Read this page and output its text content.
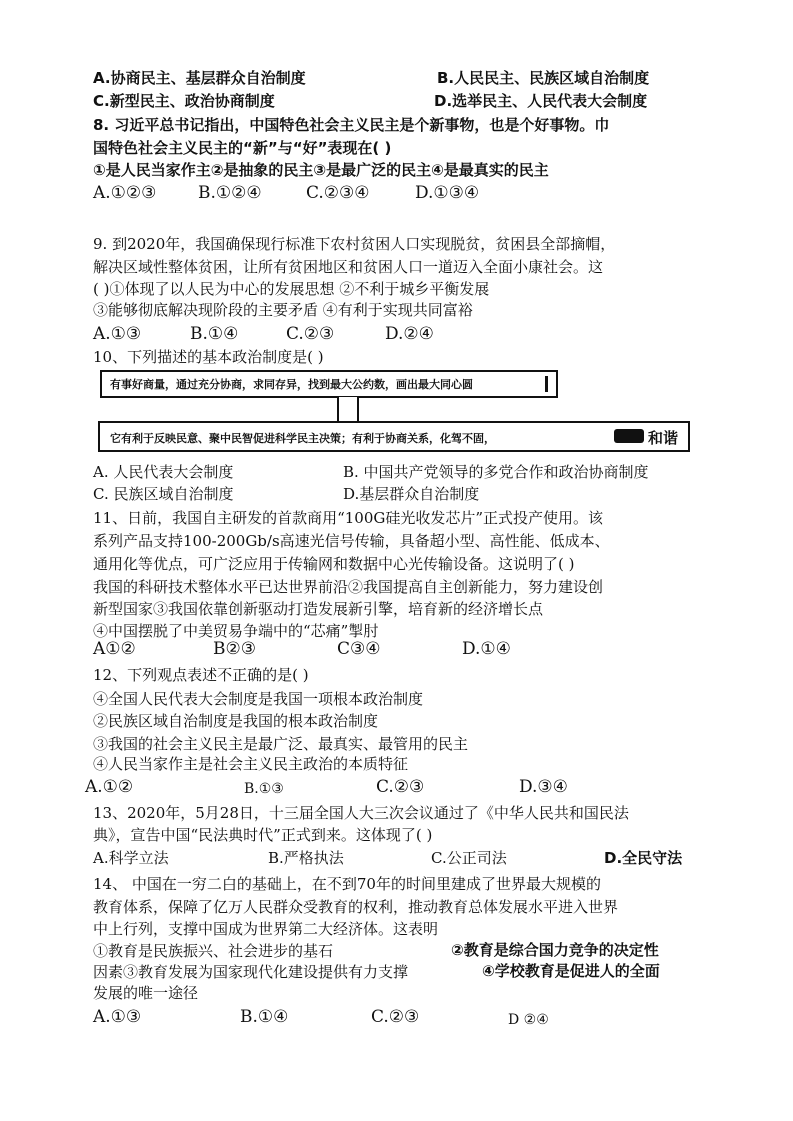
A.协商民主、基层群众自治制度	B.人民民主、民族区域自治制度
C.新型民主、政治协商制度	D.选举民主、人民代表大会制度
8. 习近平总书记指出，中国特色社会主义民主是个新事物，也是个好事物。巾
国特色社会主义民主的“新”与“好”表现在( )
①是人民当家作主②是抽象的民主③是最广泛的民主④是最真实的民主
A.①②③ B.①②④	C.②③④	D.①③④
9. 到2020年，我国确保现行标准下农村贫困人口实现脱贫，贫困县全部摘帽，
解决区域性整体贫困，让所有贫困地区和贫困人口一道迈入全面小康社会。这
( )①体现了以人民为中心的发展思想 ②不利于城乡平衡发展
③能够彻底解决现阶段的主要矛盾 ④有利于实现共同富裕
A.①③	B.①④	C.②③	D.②④
10、下列描述的基本政治制度是( )
有事好商量，通过充分协商，求同存异，找到最大公约数，画出最大同心圆
它有利于反映民意、聚中民智促进科学民主决策；有利于协商关系，化驾不固，	和谐
A. 人民代表大会制度	B. 中国共产党领导的多党合作和政治协商制度
C. 民族区域自治制度	D.基层群众自治制度
11、日前，我国自主研发的首款商用“100G硅光收发芯片”正式投产使用。该
系列产品支持100-200Gb/s高速光信号传输，具备超小型、高性能、低成本、
通用化等优点，可广泛应用于传输网和数据中心光传输设备。这说明了( )
我国的科研技术整体水平已达世界前沿②我国提高自主创新能力，努力建设创
新型国家③我国依靠创新驱动打造发展新引擎，培育新的经济增长点
④中国摆脱了中美贸易争端中的“芯痛”掣肘
A①②	B②③	C③④	D.①④
12、下列观点表述不正确的是( )
④全国人民代表大会制度是我国一项根本政治制度
②民族区域自治制度是我国的根本政治制度
③我国的社会主义民主是最广泛、最真实、最管用的民主
④人民当家作主是社会主义民主政治的本质特征
A.①②	B.①③	C.②③	D.③④
13、2020年，5月28日，十三届全国人大三次会议通过了《中华人民共和国民法
典》，宣告中国“民法典时代”正式到来。这体现了( )
A.科学立法	B.严格执法	C.公正司法	D.全民守法
14、 中国在一穷二白的基础上，在不到70年的时间里建成了世界最大规模的
教育体系，保障了亿万人民群众受教育的权利，推动教育总体发展水平进入世界
中上行列，支撑中国成为世界第二大经济体。这表明
①教育是民族振兴、社会进步的基石	②教育是综合国力竞争的决定性
因素③教育发展为国家现代化建设提供有力支撑	④学校教育是促进人的全面
发展的唯一途径
A.①③	B.①④	C.②③	D ②④
